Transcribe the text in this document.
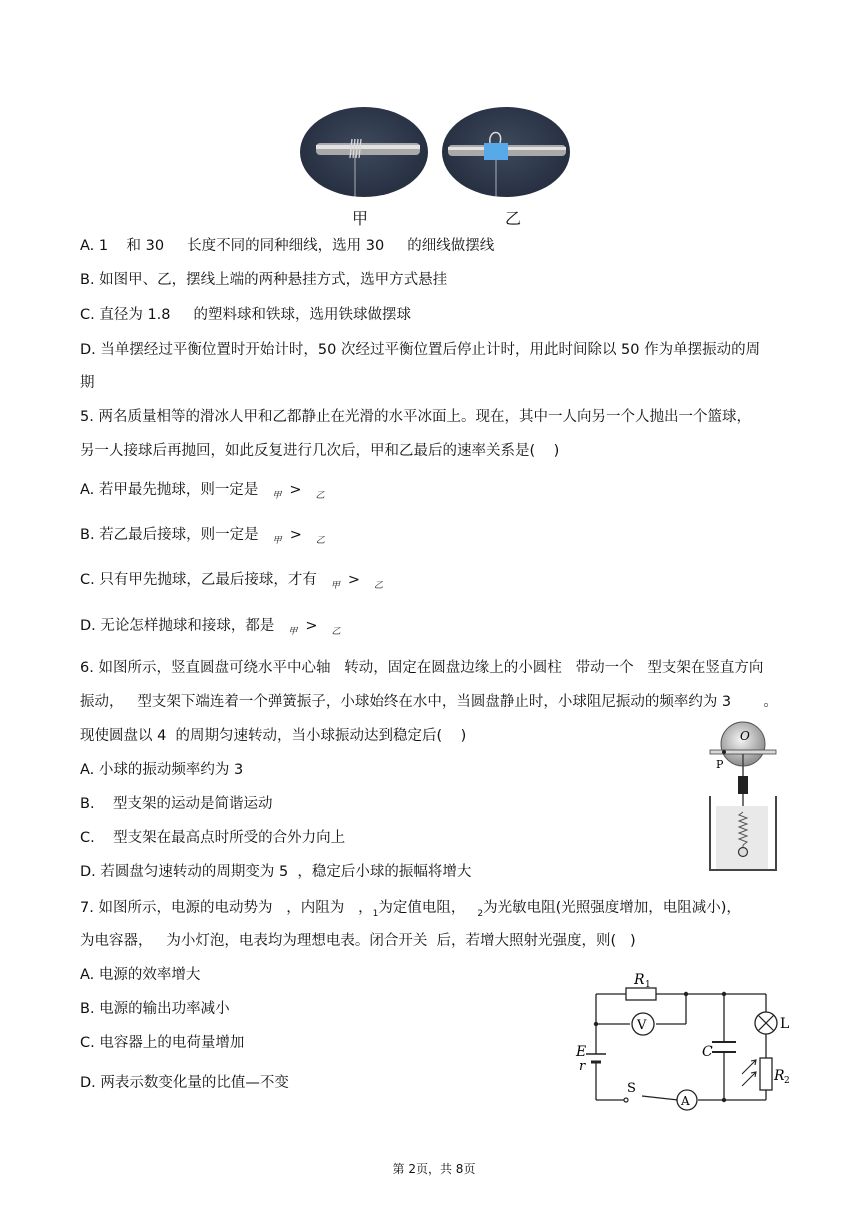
甲	乙
A. 1    和 30     长度不同的同种细线，选用 30     的细线做摆线
B. 如图甲、乙，摆线上端的两种悬挂方式，选甲方式悬挂
C. 直径为 1.8     的塑料球和铁球，选用铁球做摆球
D. 当单摆经过平衡位置时开始计时，50 次经过平衡位置后停止计时，用此时间除以 50 作为单摆振动的周
期
5. 两名质量相等的滑冰人甲和乙都静止在光滑的水平冰面上。现在，其中一人向另一个人抛出一个篮球，
另一人接球后再抛回，如此反复进行几次后，甲和乙最后的速率关系是(    )
A. 若甲最先抛球，则一定是 $_甲$ > $_乙$
B. 若乙最后接球，则一定是 $_甲$ > $_乙$
C. 只有甲先抛球，乙最后接球，才有 $_甲$ > $_乙$
D. 无论怎样抛球和接球，都是 $_甲$ > $_乙$
6. 如图所示，竖直圆盘可绕水平中心轴   转动，固定在圆盘边缘上的小圆柱   带动一个   型支架在竖直方向
振动，   型支架下端连着一个弹簧振子，小球始终在水中，当圆盘静止时，小球阻尼振动的频率约为 3       。
现使圆盘以 4  的周期匀速转动，当小球振动达到稳定后(    )
A. 小球的振动频率约为 3
B.    型支架的运动是简谐运动
C.    型支架在最高点时所受的合外力向上
D. 若圆盘匀速转动的周期变为 5  ，稳定后小球的振幅将增大
O
P
7. 如图所示，电源的电动势为   ，内阻为   ，$_1$为定值电阻， $_2$为光敏电阻(光照强度增加，电阻减小)，
为电容器，   为小灯泡，电表均为理想电表。闭合开关  后，若增大照射光强度，则(   )
A. 电源的效率增大
B. 电源的输出功率减小
C. 电容器上的电荷量增加
D. 两表示数变化量的比值—不变
R 1
V
C
L
R 2
E
r
S
A
第 2页，共 8页
